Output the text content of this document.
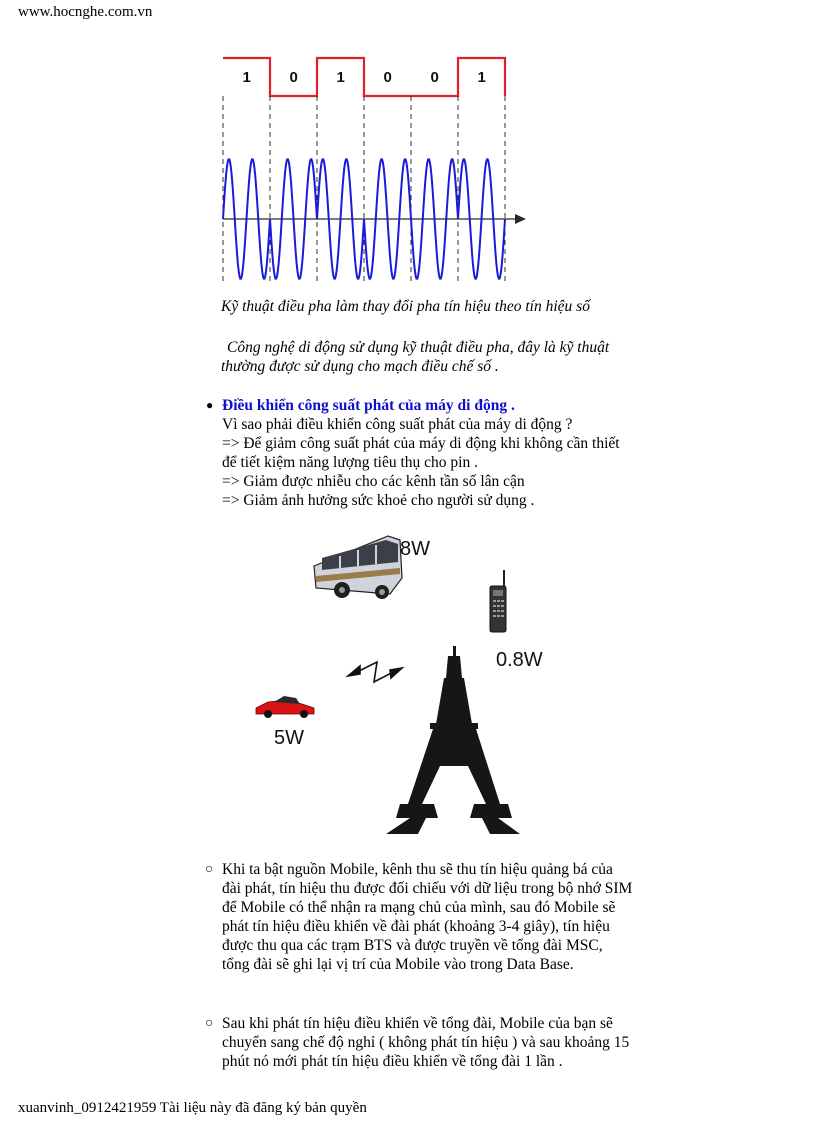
www.hocnghe.com.vn
1	0	1	0	0	1
Kỹ thuật điều pha làm thay đổi pha tín hiệu theo tín hiệu số
Công nghệ di động sử dụng kỹ thuật điều pha, đây là kỹ thuật thường được sử dụng cho mạch điều chế số .
● Điều khiển công suất phát của máy di động .
Vì sao phải điều khiển công suất phát của máy di động ?
=> Để giảm công suất phát của máy di động khi không cần thiết để tiết kiệm năng lượng tiêu thụ cho pin .
=> Giảm được nhiễu cho các kênh tần số lân cận
=> Giảm ảnh hưởng sức khoẻ cho người sử dụng .
8W
0.8W
5W
○ Khi ta bật nguồn Mobile, kênh thu sẽ thu tín hiệu quảng bá của đài phát, tín hiệu thu được đối chiếu với dữ liệu trong bộ nhớ SIM để Mobile có thể nhận ra mạng chủ của mình, sau đó Mobile sẽ phát tín hiệu điều khiển về đài phát (khoảng 3-4 giây), tín hiệu được thu qua các trạm BTS và được truyền về tổng đài MSC, tổng đài sẽ ghi lại vị trí của Mobile vào trong Data Base.
○ Sau khi phát tín hiệu điều khiển về tổng đài, Mobile của bạn sẽ chuyển sang chế độ nghỉ ( không phát tín hiệu ) và sau khoảng 15 phút nó mới phát tín hiệu điều khiển về tổng đài 1 lần .
xuanvinh_0912421959 Tài liệu này đã đăng ký bản quyền
